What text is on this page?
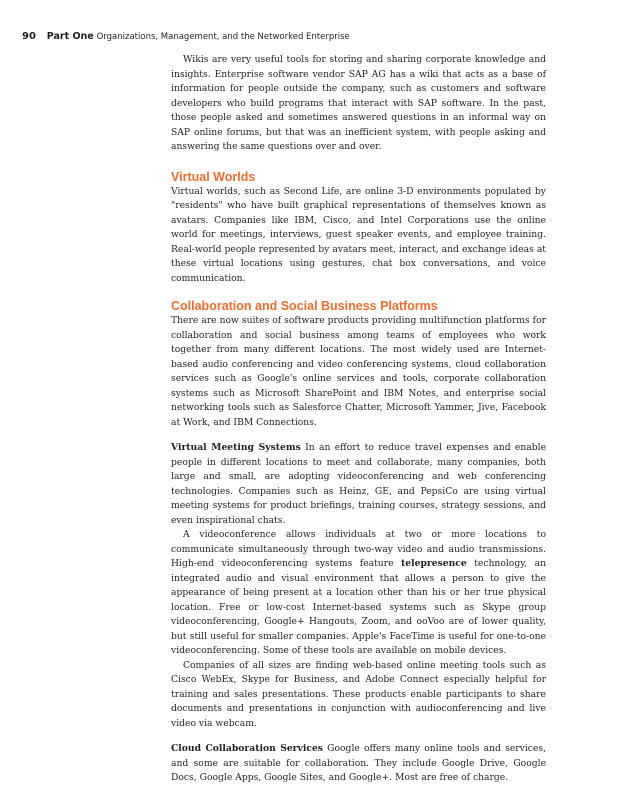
90 Part One Organizations, Management, and the Networked Enterprise

Wikis are very useful tools for storing and sharing corporate knowledge and insights. Enterprise software vendor SAP AG has a wiki that acts as a base of information for people outside the company, such as customers and software developers who build programs that interact with SAP software. In the past, those people asked and sometimes answered questions in an informal way on SAP online forums, but that was an inefficient system, with people asking and answering the same questions over and over.

Virtual Worlds

Virtual worlds, such as Second Life, are online 3-D environments populated by "residents" who have built graphical representations of themselves known as avatars. Companies like IBM, Cisco, and Intel Corporations use the online world for meetings, interviews, guest speaker events, and employee training. Real-world people represented by avatars meet, interact, and exchange ideas at these virtual locations using gestures, chat box conversations, and voice communication.

Collaboration and Social Business Platforms

There are now suites of software products providing multifunction platforms for collaboration and social business among teams of employees who work together from many different locations. The most widely used are Internet-based audio conferencing and video conferencing systems, cloud collaboration services such as Google's online services and tools, corporate collaboration systems such as Microsoft SharePoint and IBM Notes, and enterprise social networking tools such as Salesforce Chatter, Microsoft Yammer, Jive, Facebook at Work, and IBM Connections.

Virtual Meeting Systems In an effort to reduce travel expenses and enable people in different locations to meet and collaborate, many companies, both large and small, are adopting videoconferencing and web conferencing technologies. Companies such as Heinz, GE, and PepsiCo are using virtual meeting systems for product briefings, training courses, strategy sessions, and even inspirational chats.

A videoconference allows individuals at two or more locations to communicate simultaneously through two-way video and audio transmissions. High-end videoconferencing systems feature telepresence technology, an integrated audio and visual environment that allows a person to give the appearance of being present at a location other than his or her true physical location. Free or low-cost Internet-based systems such as Skype group videoconferencing, Google+ Hangouts, Zoom, and ooVoo are of lower quality, but still useful for smaller companies. Apple's FaceTime is useful for one-to-one videoconferencing. Some of these tools are available on mobile devices.

Companies of all sizes are finding web-based online meeting tools such as Cisco WebEx, Skype for Business, and Adobe Connect especially helpful for training and sales presentations. These products enable participants to share documents and presentations in conjunction with audioconferencing and live video via webcam.

Cloud Collaboration Services Google offers many online tools and services, and some are suitable for collaboration. They include Google Drive, Google Docs, Google Apps, Google Sites, and Google+. Most are free of charge.
